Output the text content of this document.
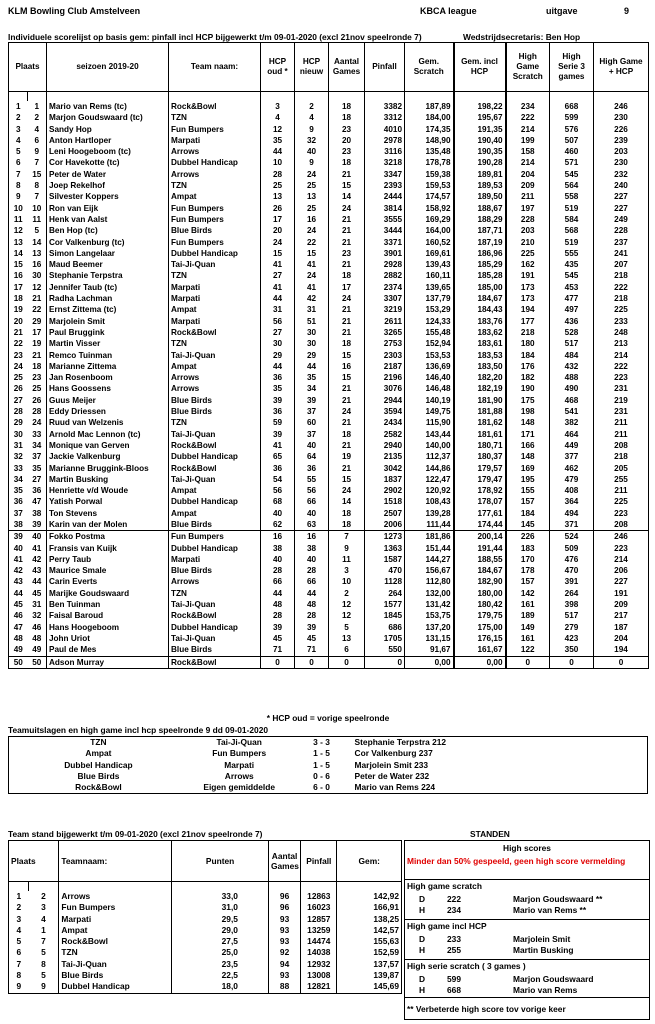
KLM Bowling Club Amstelveen	KBCA league	uitgave	9
Individuele scorelijst op basis gem: pinfall incl HCP bijgewerkt t/m 09-01-2020 (excl 21nov speelronde 7)	Wedstrijdsecretaris: Ben Hop
Plaats		seizoen 2019-20	Team naam:	HCP oud *	HCP nieuw	Aantal Games	Pinfall	Gem. Scratch	Gem. incl HCP	High Game Scratch	High Serie 3 games	High Game + HCP

1	1	Mario van Rems (tc)	Rock&Bowl	3	2	18	3382	187,89	198,22	234	668	246
2	2	Marjon Goudswaard (tc)	TZN	4	4	18	3312	184,00	195,67	222	599	230
3	4	Sandy Hop	Fun Bumpers	12	9	23	4010	174,35	191,35	214	576	226
4	6	Anton Hartloper	Marpati	35	32	20	2978	148,90	190,40	199	507	239
5	9	Leni Hoogeboom (tc)	Arrows	44	40	23	3116	135,48	190,35	158	460	203
6	7	Cor Havekotte (tc)	Dubbel Handicap	10	9	18	3218	178,78	190,28	214	571	230
7	15	Peter de Water	Arrows	28	24	21	3347	159,38	189,81	204	545	232
8	8	Joep Rekelhof	TZN	25	25	15	2393	159,53	189,53	209	564	240
9	7	Silvester Koppers	Ampat	13	13	14	2444	174,57	189,50	211	558	227
10	10	Ron van Eijk	Fun Bumpers	26	25	24	3814	158,92	188,67	197	519	227
11	11	Henk van Aalst	Fun Bumpers	17	16	21	3555	169,29	188,29	228	584	249
12	5	Ben Hop (tc)	Blue Birds	20	24	21	3444	164,00	187,71	203	568	228
13	14	Cor Valkenburg (tc)	Fun Bumpers	24	22	21	3371	160,52	187,19	210	519	237
14	13	Simon Langelaar	Dubbel Handicap	15	15	23	3901	169,61	186,96	225	555	241
15	16	Maud Beemer	Tai-Ji-Quan	41	41	21	2928	139,43	185,29	162	435	207
16	30	Stephanie Terpstra	TZN	27	24	18	2882	160,11	185,28	191	545	218
17	12	Jennifer Taub (tc)	Marpati	41	41	17	2374	139,65	185,00	173	453	222
18	21	Radha Lachman	Marpati	44	42	24	3307	137,79	184,67	173	477	218
19	22	Ernst Zittema (tc)	Ampat	31	31	21	3219	153,29	184,43	194	497	225
20	29	Marjolein Smit	Marpati	56	51	21	2611	124,33	183,76	177	436	233
21	17	Paul Bruggink	Rock&Bowl	27	30	21	3265	155,48	183,62	218	528	248
22	19	Martin Visser	TZN	30	30	18	2753	152,94	183,61	180	517	213
23	21	Remco Tuinman	Tai-Ji-Quan	29	29	15	2303	153,53	183,53	184	484	214
24	18	Marianne Zittema	Ampat	44	44	16	2187	136,69	183,50	176	432	222
25	23	Jan Rosenboom	Arrows	36	35	15	2196	146,40	182,20	182	488	223
26	25	Hans Goossens	Arrows	35	34	21	3076	146,48	182,19	190	490	231
27	26	Guus Meijer	Blue Birds	39	39	21	2944	140,19	181,90	175	468	219
28	28	Eddy Driessen	Blue Birds	36	37	24	3594	149,75	181,88	198	541	231
29	24	Ruud van Welzenis	TZN	59	60	21	2434	115,90	181,62	148	382	211
30	33	Arnold Mac Lennon (tc)	Tai-Ji-Quan	39	37	18	2582	143,44	181,61	171	464	211
31	34	Monique van Gerven	Rock&Bowl	41	40	21	2940	140,00	180,71	166	449	208
32	37	Jackie Valkenburg	Dubbel Handicap	65	64	19	2135	112,37	180,37	148	377	218
33	35	Marianne Bruggink-Bloos	Rock&Bowl	36	36	21	3042	144,86	179,57	169	462	205
34	27	Martin Busking	Tai-Ji-Quan	54	55	15	1837	122,47	179,47	195	479	255
35	36	Henriette v/d Woude	Ampat	56	56	24	2902	120,92	178,92	155	408	211
36	47	Yatish Porwal	Dubbel Handicap	68	66	14	1518	108,43	178,07	157	364	225
37	38	Ton Stevens	Ampat	40	40	18	2507	139,28	177,61	184	494	223
38	39	Karin van der Molen	Blue Birds	62	63	18	2006	111,44	174,44	145	371	208
39	40	Fokko Postma	Fun Bumpers	16	16	7	1273	181,86	200,14	226	524	246
40	41	Fransis van Kuijk	Dubbel Handicap	38	38	9	1363	151,44	191,44	183	509	223
41	42	Perry Taub	Marpati	40	40	11	1587	144,27	188,55	170	476	214
42	43	Maurice Smale	Blue Birds	28	28	3	470	156,67	184,67	178	470	206
43	44	Carin Everts	Arrows	66	66	10	1128	112,80	182,90	157	391	227
44	45	Marijke Goudswaard	TZN	44	44	2	264	132,00	180,00	142	264	191
45	31	Ben Tuinman	Tai-Ji-Quan	48	48	12	1577	131,42	180,42	161	398	209
46	32	Faisal Baroud	Rock&Bowl	28	28	12	1845	153,75	179,75	189	517	217
47	46	Hans Hoogeboom	Dubbel Handicap	39	39	5	686	137,20	175,00	149	279	187
48	48	John Uriot	Tai-Ji-Quan	45	45	13	1705	131,15	176,15	161	423	204
49	49	Paul de Mes	Blue Birds	71	71	6	550	91,67	161,67	122	350	194
50	50	Adson Murray	Rock&Bowl	0	0	0	0	0,00	0,00	0	0	0
* HCP oud = vorige speelronde
Teamuitslagen en high game incl hcp speelronde 9 dd 09-01-2020
TZN	Tai-Ji-Quan	3 - 3	Stephanie Terpstra 212
Ampat	Fun Bumpers	1 - 5	Cor Valkenburg 237
Dubbel Handicap	Marpati	1 - 5	Marjolein Smit 233
Blue Birds	Arrows	0 - 6	Peter de Water 232
Rock&Bowl	Eigen gemiddelde	6 - 0	Mario van Rems 224
Team stand bijgewerkt t/m 09-01-2020 (excl 21nov speelronde 7)	STANDEN
Plaats		Teamnaam:	Punten	Aantal Games	Pinfall	Gem:

1	2	Arrows	33,0	96	12863	142,92
2	3	Fun Bumpers	31,0	96	16023	166,91
3	4	Marpati	29,5	93	12857	138,25
4	1	Ampat	29,0	93	13259	142,57
5	7	Rock&Bowl	27,5	93	14474	155,63
6	5	TZN	25,0	92	14038	152,59
7	8	Tai-Ji-Quan	23,5	94	12932	137,57
8	5	Blue Birds	22,5	93	13008	139,87
9	9	Dubbel Handicap	18,0	88	12821	145,69
High scores
Minder dan 50% gespeeld, geen high score vermelding
High game scratch
D	222	Marjon Goudswaard **
H	234	Mario van Rems **
High game incl HCP
D	233	Marjolein Smit
H	255	Martin Busking
High serie scratch ( 3 games )
D	599	Marjon Goudswaard
H	668	Mario van Rems
** Verbeterde high score tov vorige keer
